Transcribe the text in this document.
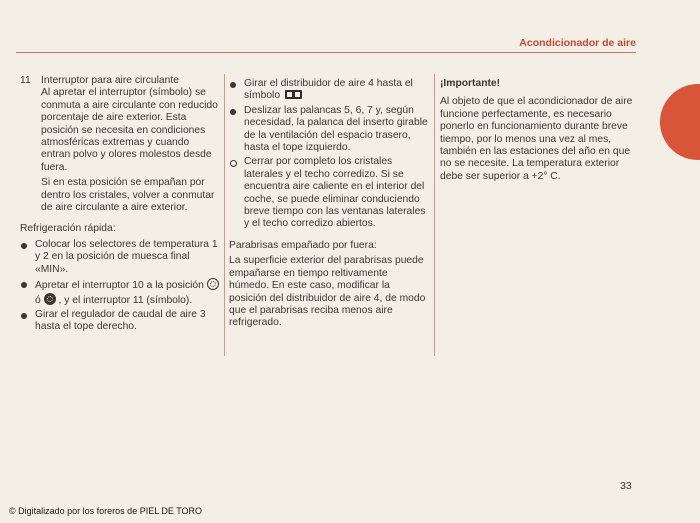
Acondicionador de aire
11 Interruptor para aire circulante

Al apretar el interruptor (símbolo) se conmuta a aire circulante con reducido porcentaje de aire exterior. Esta posición se necesita en condiciones atmosféricas extremas y cuando entran polvo y olores molestos desde fuera.

Si en esta posición se empañan por dentro los cristales, volver a conmutar de aire circulante a aire exterior.

Refrigeración rápida:

Colocar los selectores de temperatura 1 y 2 en la posición de muesca final «MIN».
Apretar el interruptor 10 a la posición  ó , y el interruptor 11 (símbolo).
Girar el regulador de caudal de aire 3 hasta el tope derecho.
Girar el distribuidor de aire 4 hasta el símbolo
Deslizar las palancas 5, 6, 7 y, según necesidad, la palanca del inserto girable de la ventilación del espacio trasero, hasta el tope izquierdo.
Cerrar por completo los cristales laterales y el techo corredizo. Si se encuentra aire caliente en el interior del coche, se puede eliminar conduciendo breve tiempo con las ventanas laterales y el techo corredizo abiertos.

Parabrisas empañado por fuera:

La superficie exterior del parabrisas puede empañarse en tiempo reltivamente húmedo. En este caso, modificar la posición del distribuidor de aire 4, de modo que el parabrisas reciba menos aire refrigerado.

¡Importante!

Al objeto de que el acondicionador de aire funcione perfectamente, es necesario ponerlo en funcionamiento durante breve tiempo, por lo menos una vez al mes, también en las estaciones del año en que no se necesite. La temperatura exterior debe ser superior a +2° C.

33
© Digitalizado por los foreros de PIEL DE TORO
